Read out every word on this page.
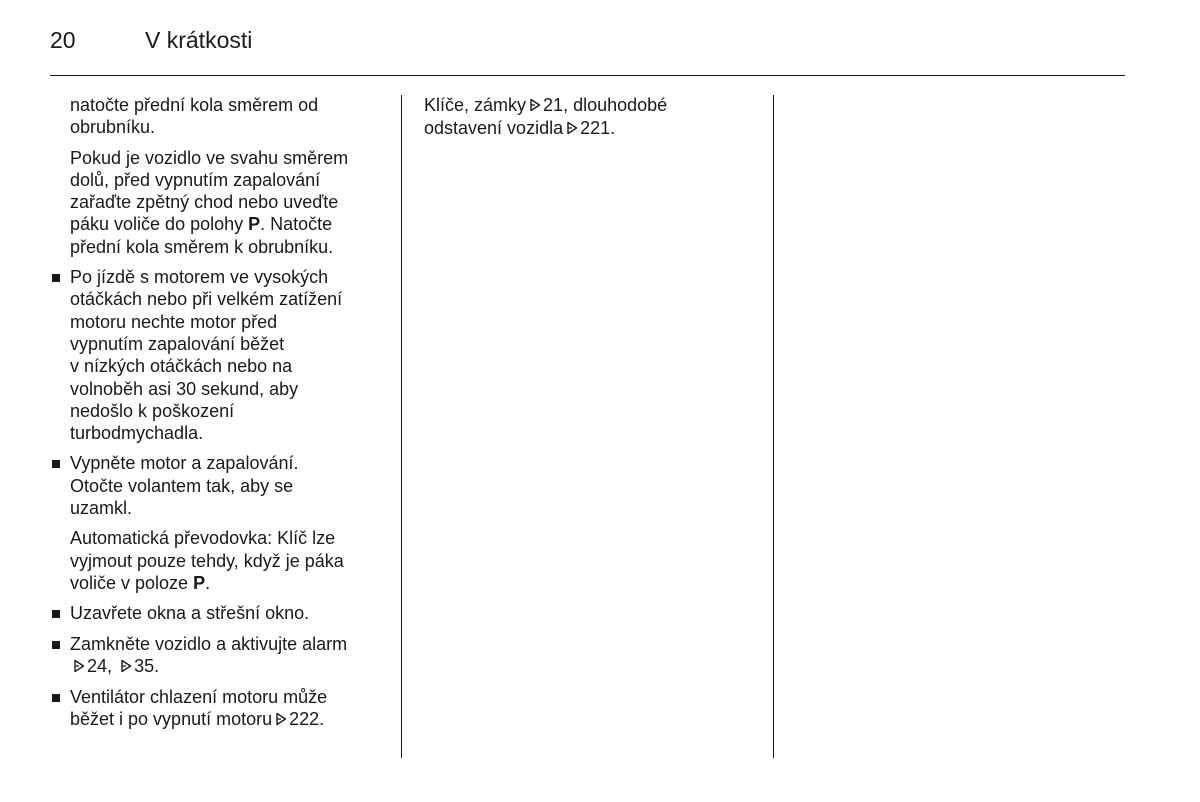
20	V krátkosti
natočte přední kola směrem od
obrubníku.
Pokud je vozidlo ve svahu směrem
dolů, před vypnutím zapalování
zařaďte zpětný chod nebo uveďte
páku voliče do polohy P. Natočte
přední kola směrem k obrubníku.
Po jízdě s motorem ve vysokých
otáčkách nebo při velkém zatížení
motoru nechte motor před
vypnutím zapalování běžet
v nízkých otáčkách nebo na
volnoběh asi 30 sekund, aby
nedošlo k poškození
turbodmychadla.
Vypněte motor a zapalování.
Otočte volantem tak, aby se
uzamkl.
Automatická převodovka: Klíč lze
vyjmout pouze tehdy, když je páka
voliče v poloze P.
Uzavřete okna a střešní okno.
Zamkněte vozidlo a aktivujte alarm
24, 35.
Ventilátor chlazení motoru může
běžet i po vypnutí motoru 222.
Klíče, zámky 21, dlouhodobé
odstavení vozidla 221.
